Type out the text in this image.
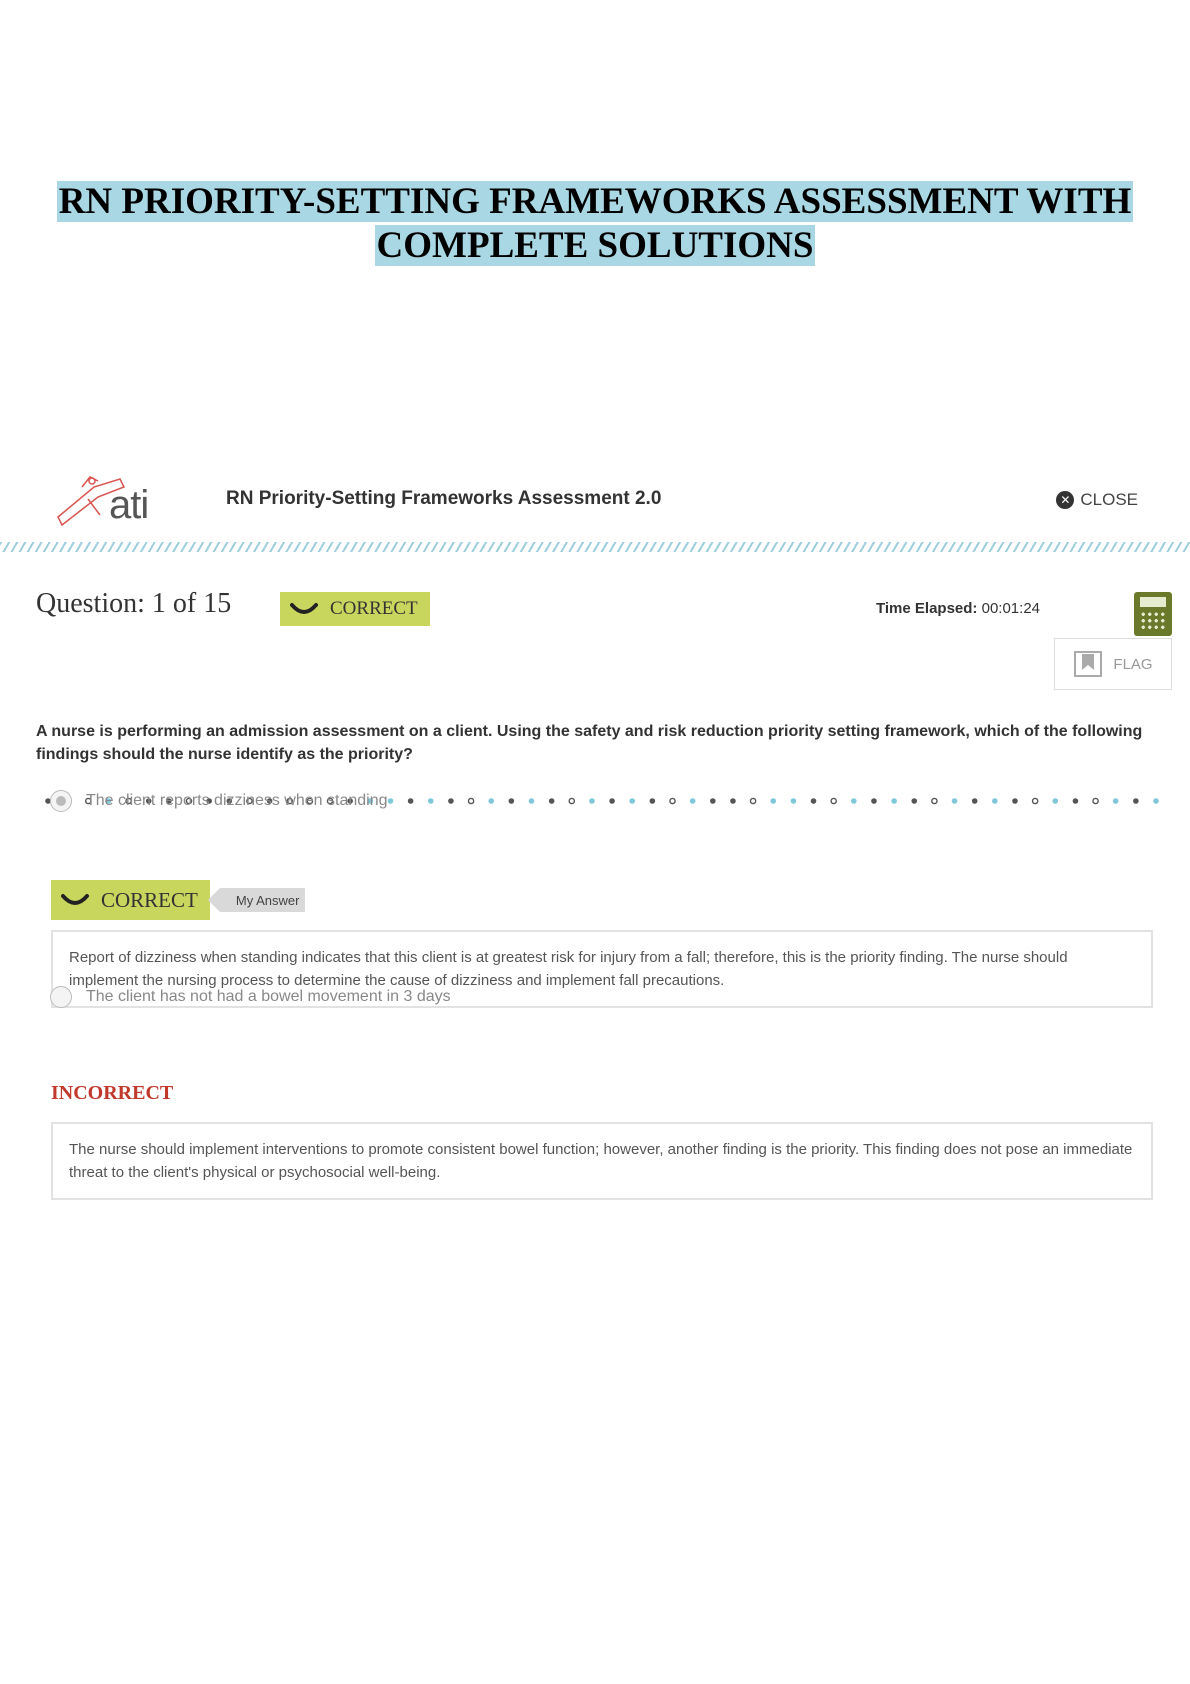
RN PRIORITY-SETTING FRAMEWORKS ASSESSMENT WITH
COMPLETE SOLUTIONS
ati	RN Priority-Setting Frameworks Assessment 2.0	✕ CLOSE
Question: 1 of 15	CORRECT	Time Elapsed: 00:01:24
FLAG
A nurse is performing an admission assessment on a client. Using the safety and risk reduction priority setting framework, which of the following findings should the nurse identify as the priority?
The client reports dizziness when standing
CORRECT	My Answer
Report of dizziness when standing indicates that this client is at greatest risk for injury from a fall; therefore, this is the priority finding. The nurse should implement the nursing process to determine the cause of dizziness and implement fall precautions.
The client has not had a bowel movement in 3 days
INCORRECT
The nurse should implement interventions to promote consistent bowel function; however, another finding is the priority. This finding does not pose an immediate threat to the client's physical or psychosocial well-being.
